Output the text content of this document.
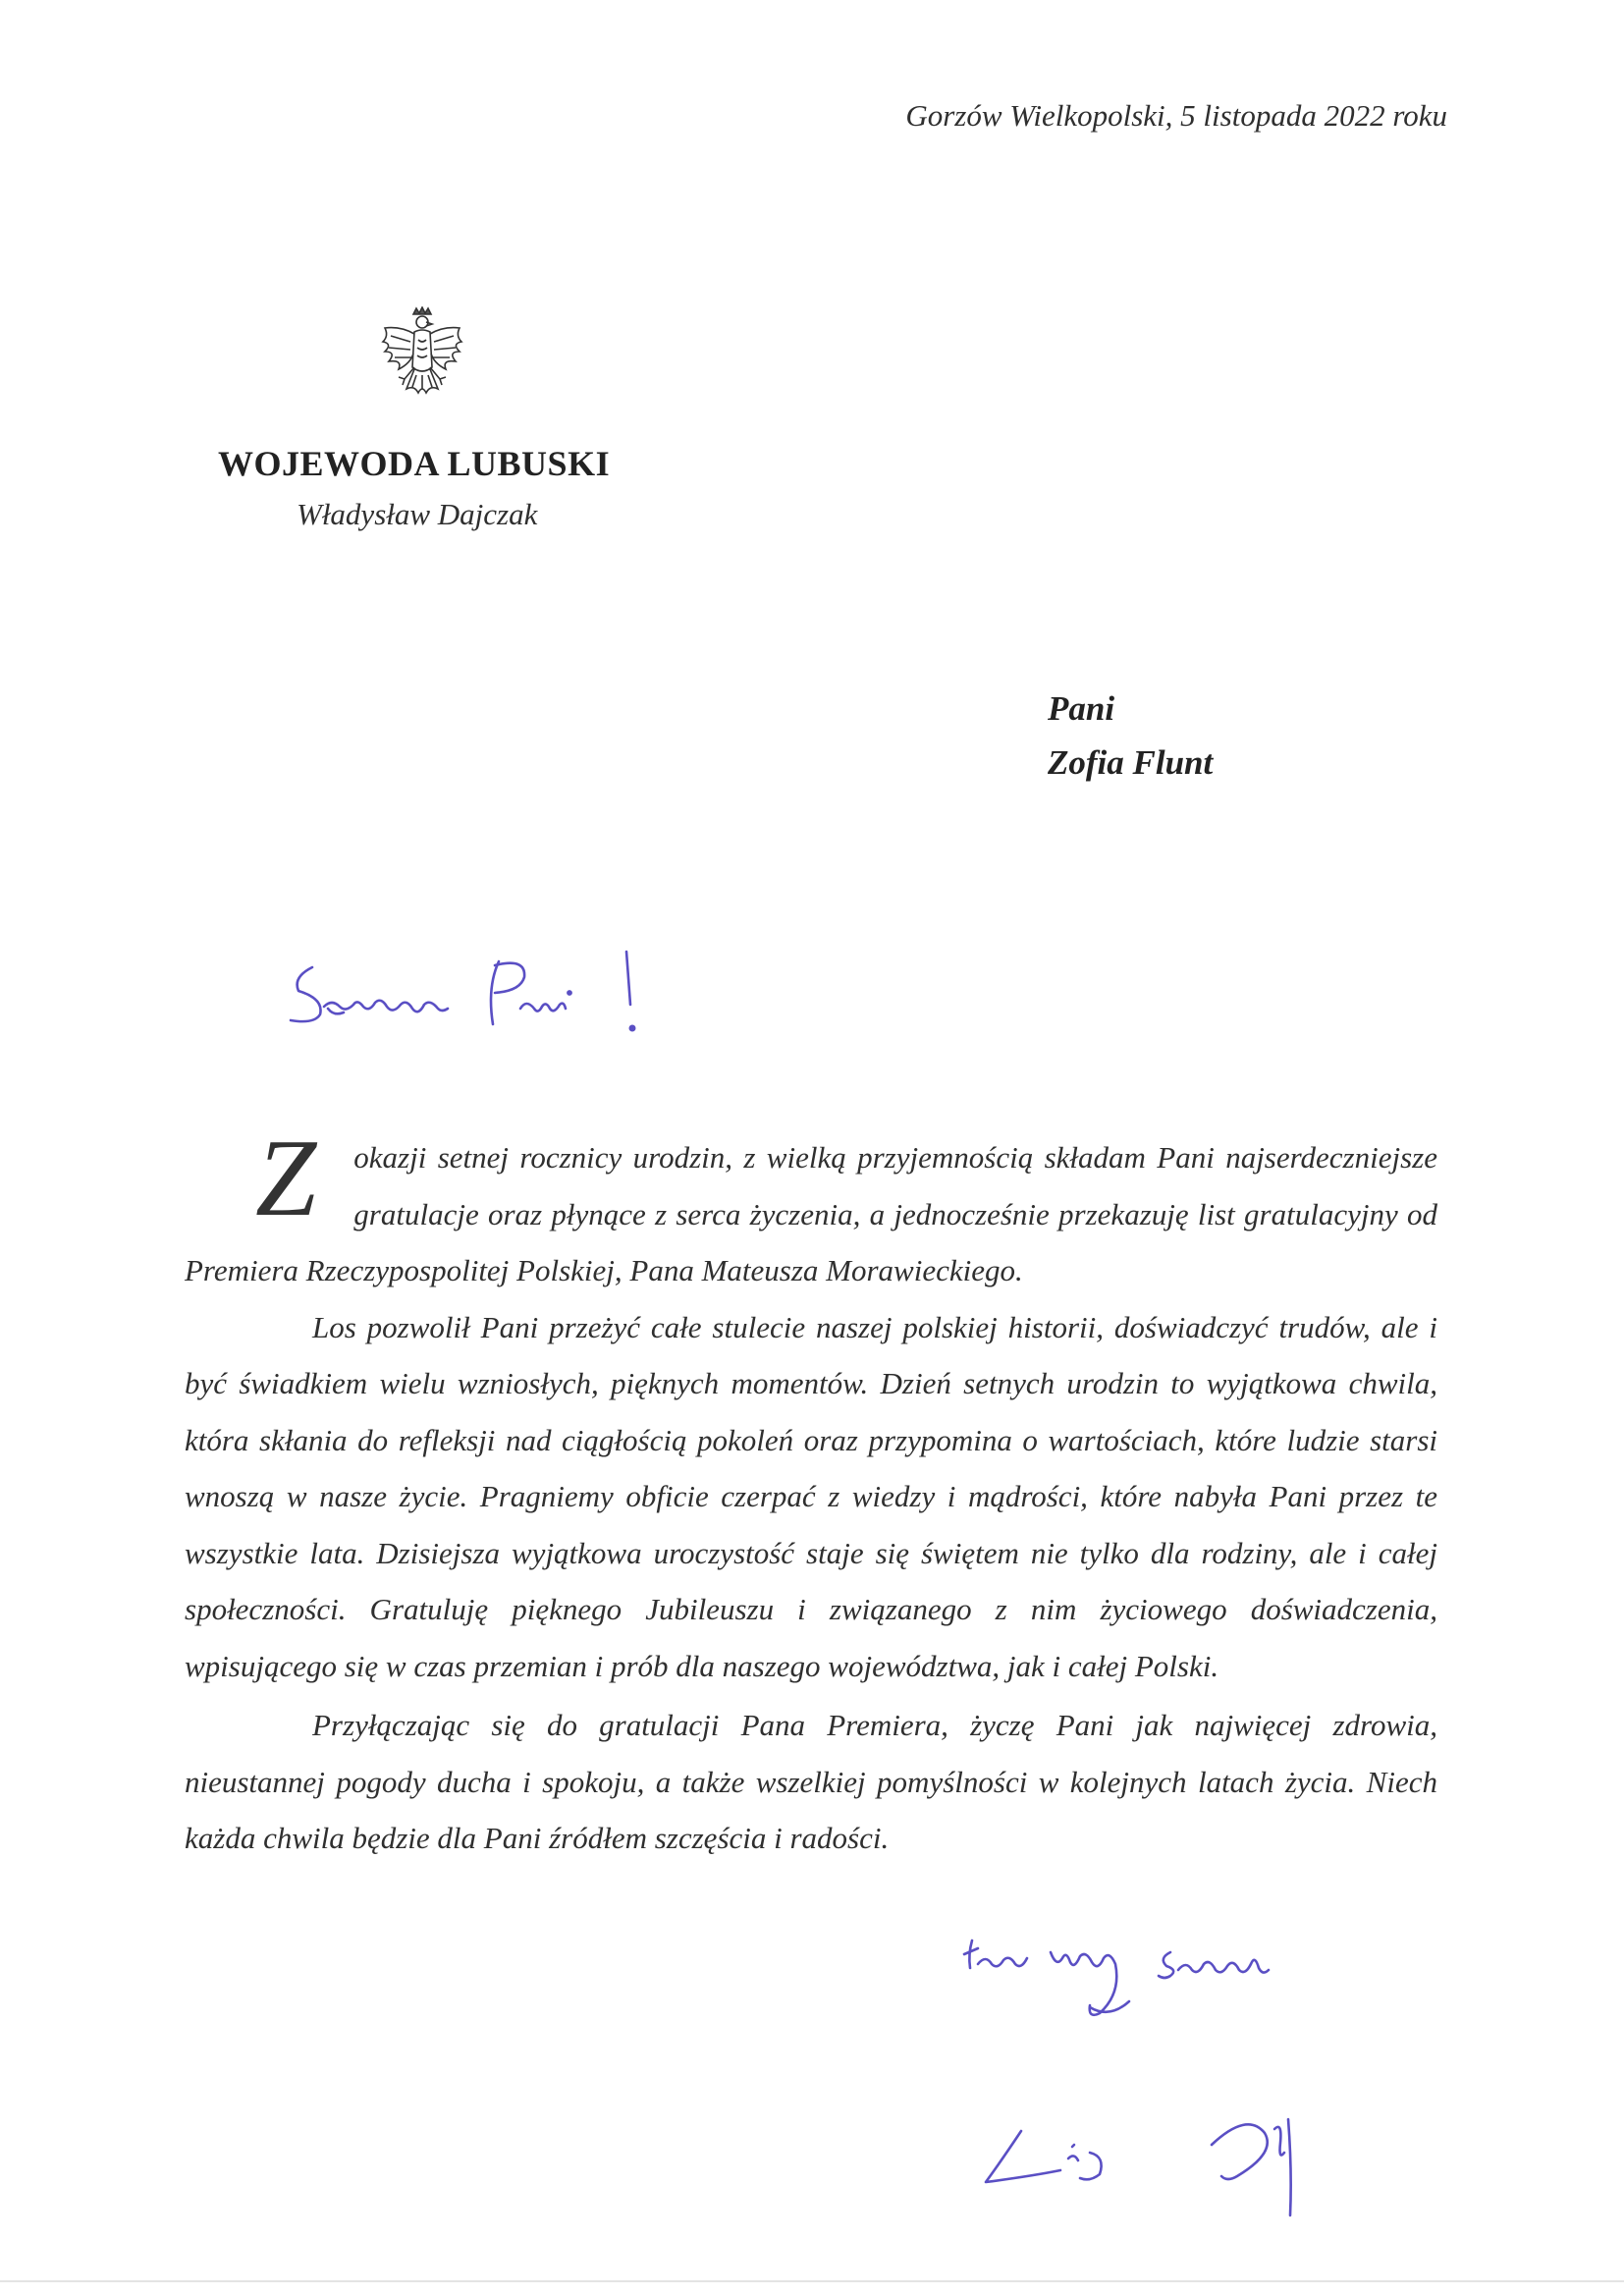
Gorzów Wielkopolski, 5 listopada 2022 roku
WOJEWODA LUBUSKI
Władysław Dajczak
Pani
Zofia Flunt

Z okazji setnej rocznicy urodzin, z wielką przyjemnością składam Pani najserdeczniejsze gratulacje oraz płynące z serca życzenia, a jednocześnie przekazuję list gratulacyjny od Premiera Rzeczypospolitej Polskiej, Pana Mateusza Morawieckiego.

Los pozwolił Pani przeżyć całe stulecie naszej polskiej historii, doświadczyć trudów, ale i być świadkiem wielu wzniosłych, pięknych momentów. Dzień setnych urodzin to wyjątkowa chwila, która skłania do refleksji nad ciągłością pokoleń oraz przypomina o wartościach, które ludzie starsi wnoszą w nasze życie. Pragniemy obficie czerpać z wiedzy i mądrości, które nabyła Pani przez te wszystkie lata. Dzisiejsza wyjątkowa uroczystość staje się świętem nie tylko dla rodziny, ale i całej społeczności. Gratuluję pięknego Jubileuszu i związanego z nim życiowego doświadczenia, wpisującego się w czas przemian i prób dla naszego województwa, jak i całej Polski.

Przyłączając się do gratulacji Pana Premiera, życzę Pani jak najwięcej zdrowia, nieustannej pogody ducha i spokoju, a także wszelkiej pomyślności w kolejnych latach życia. Niech każda chwila będzie dla Pani źródłem szczęścia i radości.
